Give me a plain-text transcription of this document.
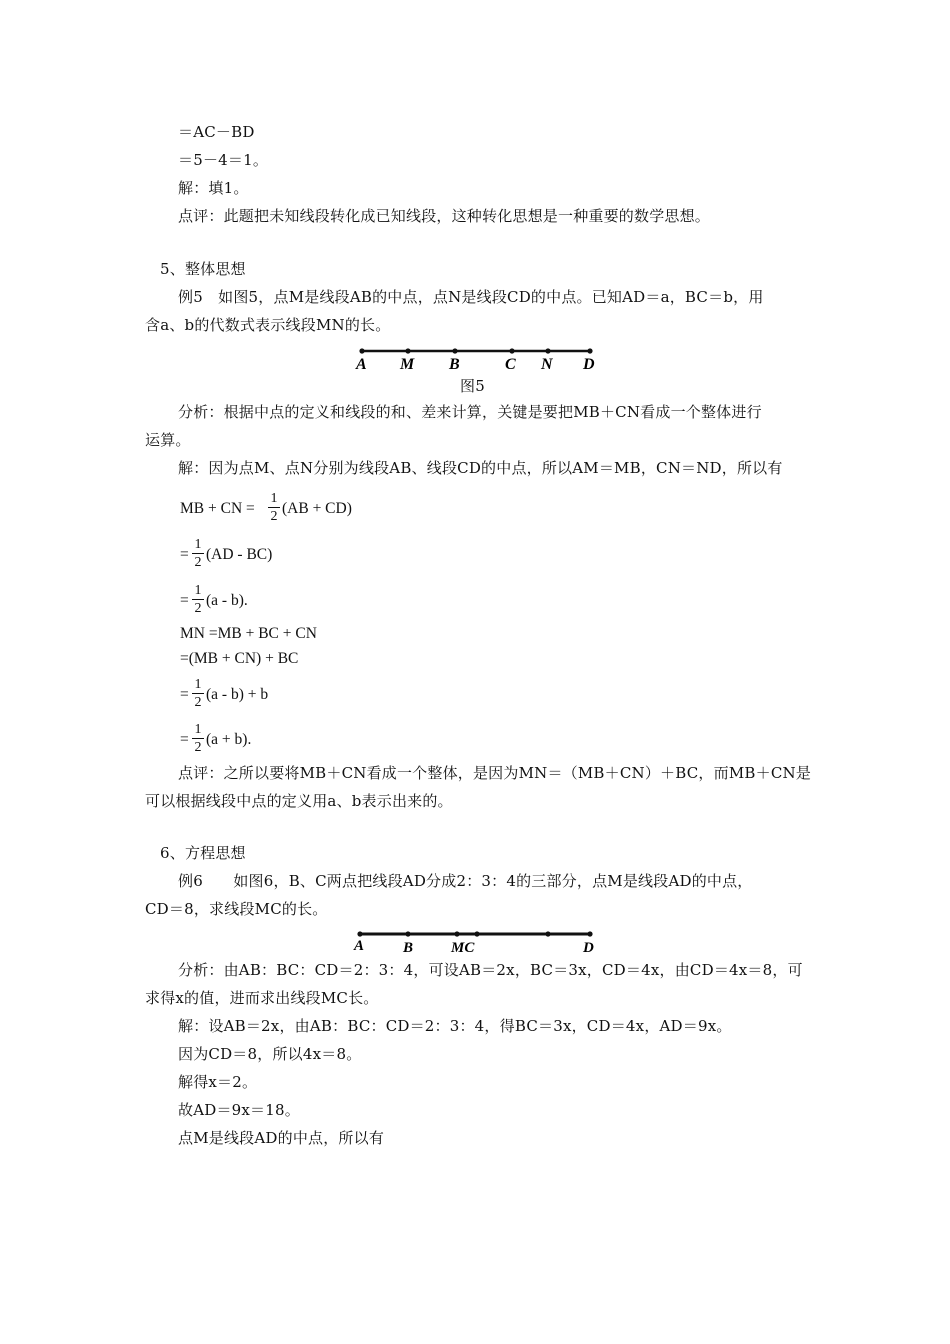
＝AC－BD
＝5－4＝1。
解：填1。
点评：此题把未知线段转化成已知线段，这种转化思想是一种重要的数学思想。
5、整体思想
例5　如图5，点M是线段AB的中点，点N是线段CD的中点。已知AD＝a，BC＝b，用
含a、b的代数式表示线段MN的长。
A M B	C N D
图5
分析：根据中点的定义和线段的和、差来计算，关键是要把MB＋CN看成一个整体进行
运算。
解：因为点M、点N分别为线段AB、线段CD的中点，所以AM＝MB，CN＝ND，所以有
MB + CN =
1
2 (AB + CD)
=
1
2 (AD - BC)
=
1
2 (a - b).
MN =MB + BC + CN
=(MB + CN) + BC
=
1
2 (a - b) + b
=
1
2 (a + b).
点评：之所以要将MB＋CN看成一个整体，是因为MN＝（MB＋CN）＋BC，而MB＋CN是
可以根据线段中点的定义用a、b表示出来的。
6、方程思想
例6　　如图6，B、C两点把线段AD分成2：3：4的三部分，点M是线段AD的中点，
CD＝8，求线段MC的长。
A	B	MC	D
分析：由AB：BC：CD＝2：3：4，可设AB＝2x，BC＝3x，CD＝4x，由CD＝4x＝8，可
求得x的值，进而求出线段MC长。
解：设AB＝2x，由AB：BC：CD＝2：3：4，得BC＝3x，CD＝4x，AD＝9x。
因为CD＝8，所以4x＝8。
解得x＝2。
故AD＝9x＝18。
点M是线段AD的中点，所以有
